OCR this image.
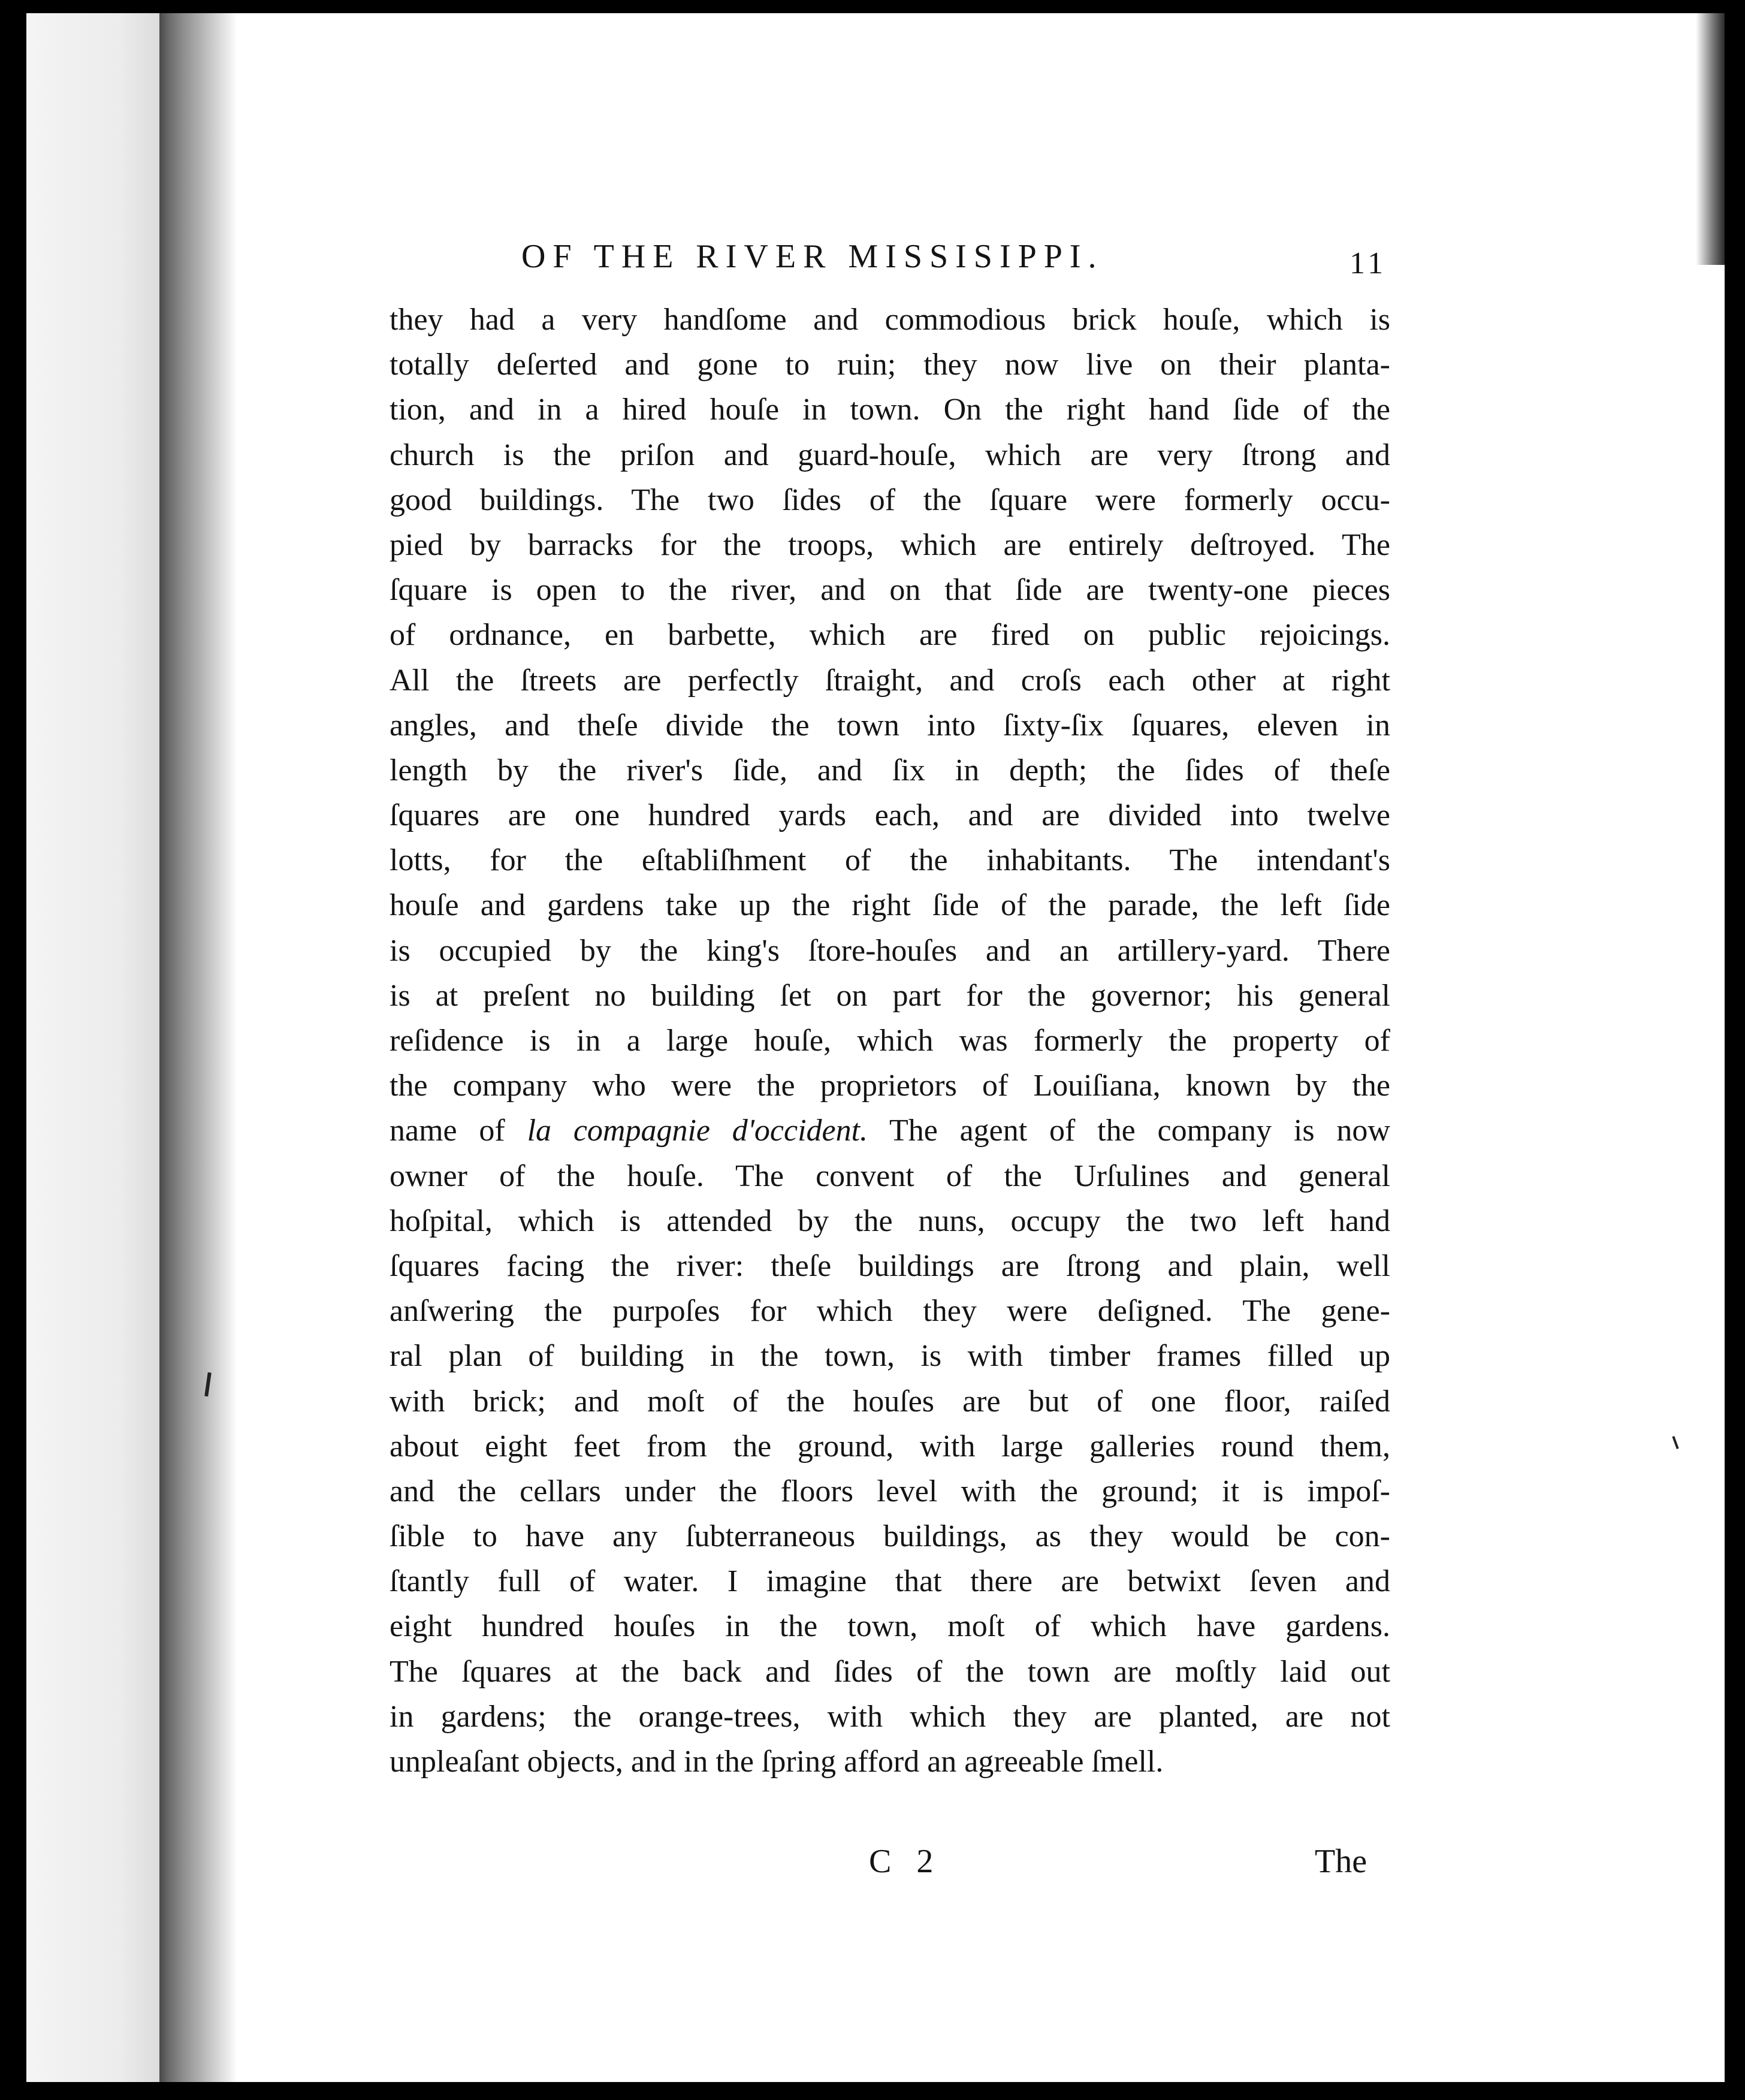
OF THE RIVER MISSISIPPI.	11
they had a very handſome and commodious brick houſe, which is
totally deſerted and gone to ruin; they now live on their planta-
tion, and in a hired houſe in town. On the right hand ſide of the
church is the priſon and guard-houſe, which are very ſtrong and
good buildings. The two ſides of the ſquare were formerly occu-
pied by barracks for the troops, which are entirely deſtroyed. The
ſquare is open to the river, and on that ſide are twenty-one pieces
of ordnance, en barbette, which are fired on public rejoicings.
All the ſtreets are perfectly ſtraight, and croſs each other at right
angles, and theſe divide the town into ſixty-ſix ſquares, eleven in
length by the river's ſide, and ſix in depth; the ſides of theſe
ſquares are one hundred yards each, and are divided into twelve
lotts, for the eſtabliſhment of the inhabitants. The intendant's
houſe and gardens take up the right ſide of the parade, the left ſide
is occupied by the king's ſtore-houſes and an artillery-yard. There
is at preſent no building ſet on part for the governor; his general
reſidence is in a large houſe, which was formerly the property of
the company who were the proprietors of Louiſiana, known by the
name of la compagnie d'occident. The agent of the company is now
owner of the houſe. The convent of the Urſulines and general
hoſpital, which is attended by the nuns, occupy the two left hand
ſquares facing the river: theſe buildings are ſtrong and plain, well
anſwering the purpoſes for which they were deſigned. The gene-
ral plan of building in the town, is with timber frames filled up
with brick; and moſt of the houſes are but of one floor, raiſed
about eight feet from the ground, with large galleries round them,
and the cellars under the floors level with the ground; it is impoſ-
ſible to have any ſubterraneous buildings, as they would be con-
ſtantly full of water. I imagine that there are betwixt ſeven and
eight hundred houſes in the town, moſt of which have gardens.
The ſquares at the back and ſides of the town are moſtly laid out
in gardens; the orange-trees, with which they are planted, are not
unpleaſant objects, and in the ſpring afford an agreeable ſmell.
C 2	The
